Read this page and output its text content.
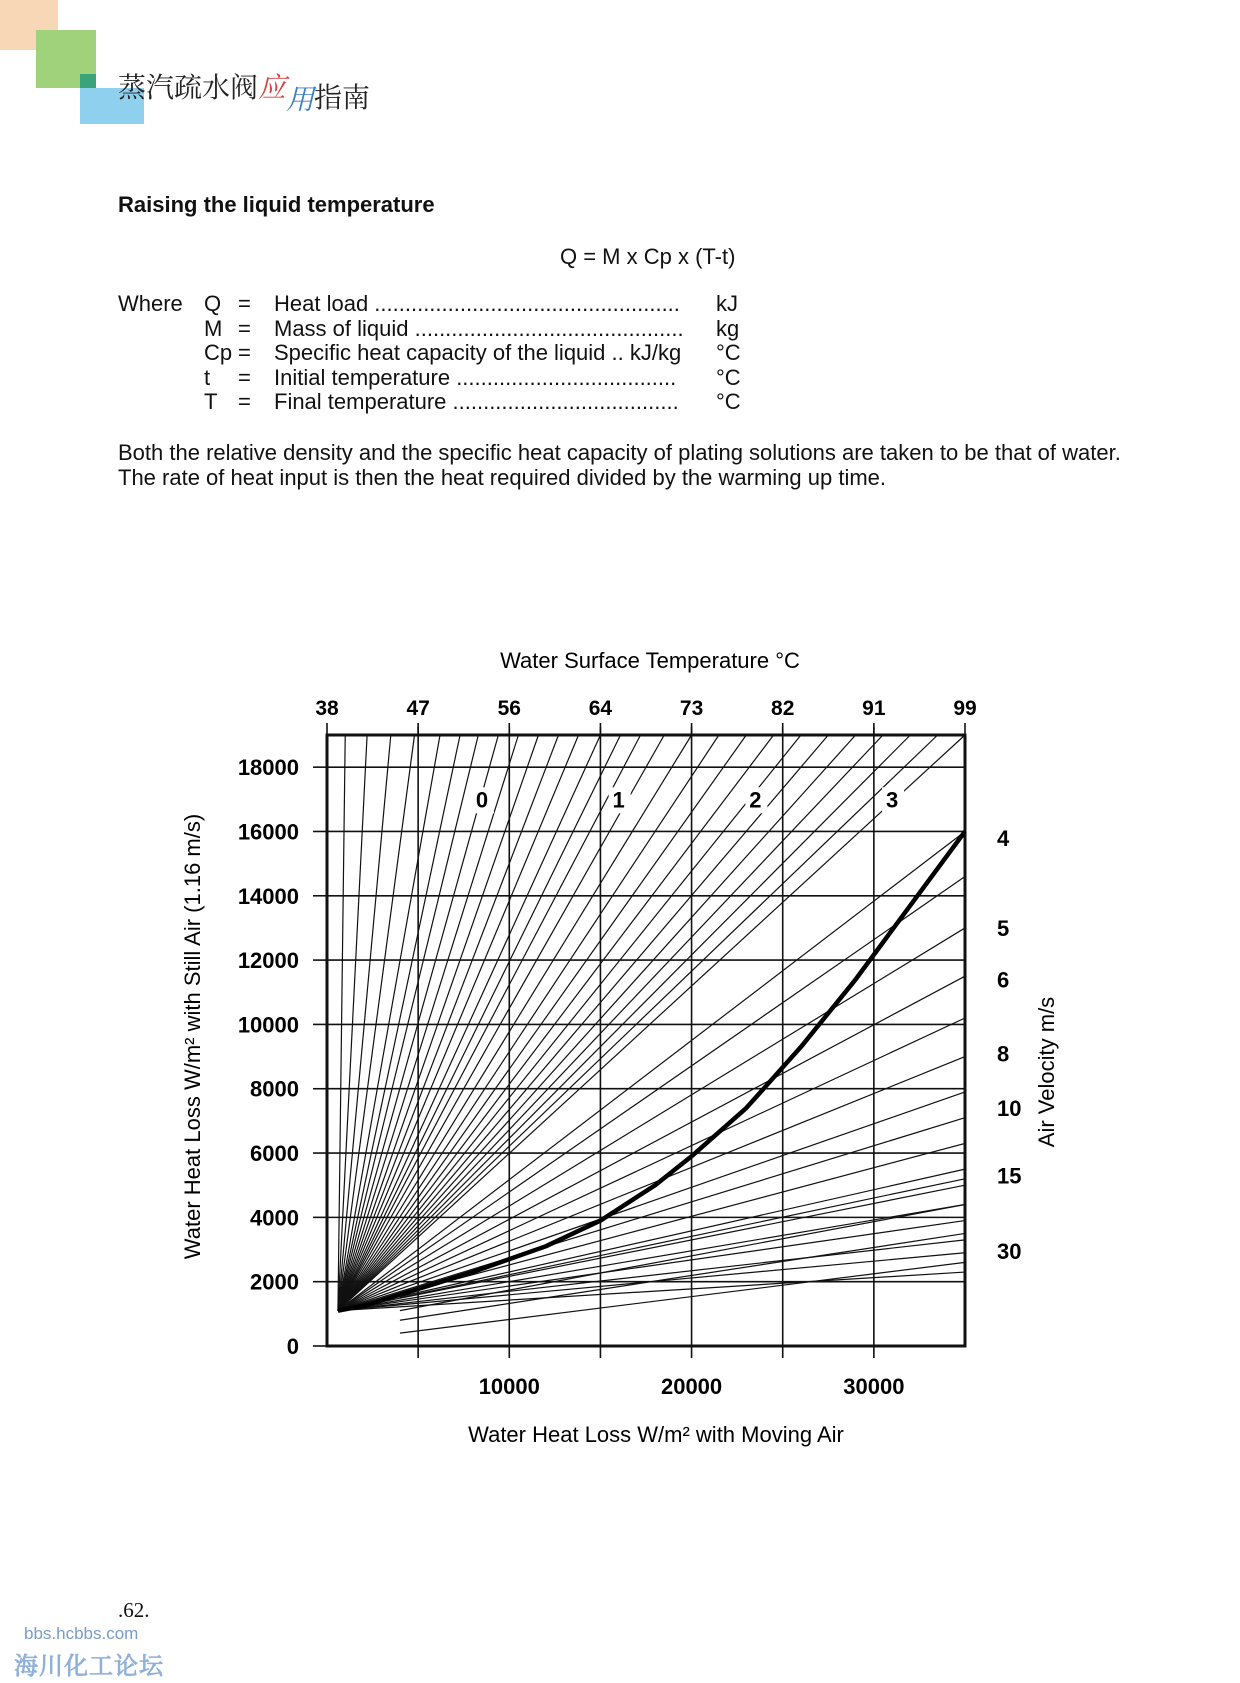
蒸汽疏水阀应用指南
Raising the liquid temperature
Q = M x Cp x (T-t)
Where Q = Heat load .................................................. kJ
M = Mass of liquid ............................................ kg
Cp = Specific heat capacity of the liquid .. kJ/kg °C
t = Initial temperature .................................... °C
T = Final temperature ..................................... °C

Both the relative density and the specific heat capacity of plating solutions are taken to be that of water. The rate of heat input is then the heat required divided by the warming up time.

0
2000
4000
6000
8000
10000
12000
14000
16000
18000
38	47	56	64	73	82	91	99
10000	20000	30000
0	1	2	3
4
5
6
8
10
15
30
Water Surface Temperature °C
Water Heat Loss W/m² with Moving Air
Water Heat Loss W/m² with Still Air (1.16 m/s)	Air Velocity m/s
.62.
bbs.hcbbs.com
海川化工论坛
